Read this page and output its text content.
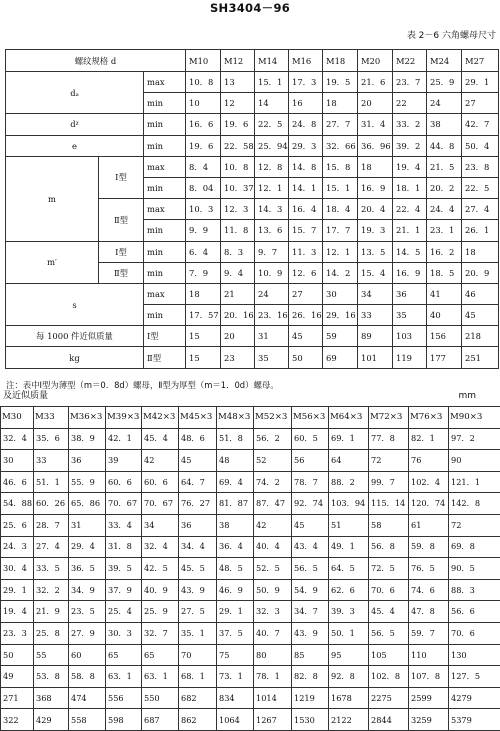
SH3404－96
表 2－6 六角螺母尺寸
螺纹规格 d			M10	M12	M14	M16	M18	M20	M22	M24	M27
dₐ		max	10．8	13	15．1	17．3	19．5	21．6	23．7	25．9	29．1
		min	10	12	14	16	18	20	22	24	27
dᵡ		min	16．6	19．6	22．5	24．8	27．7	31．4	33．2	38	42．7
e		min	19．6	22．58	25．94	29．3	32．66	36．96	39．2	44．8	50．4
m	Ⅰ型	max	8．4	10．8	12．8	14．8	15．8	18	19．4	21．5	23．8
		min	8．04	10．37	12．1	14．1	15．1	16．9	18．1	20．2	22．5
	Ⅱ型	max	10．3	12．3	14．3	16．4	18．4	20．4	22．4	24．4	27．4
		min	9．9	11．8	13．6	15．7	17．7	19．3	21．1	23．1	26．1
m′	Ⅰ型	min	6．4	8．3	9．7	11．3	12．1	13．5	14．5	16．2	18
	Ⅱ型	min	7．9	9．4	10．9	12．6	14．2	15．4	16．9	18．5	20．9
s		max	18	21	24	27	30	34	36	41	46
		min	17．57	20．16	23．16	26．16	29．16	33	35	40	45
每 1000 件近似质量		Ⅰ型	15	20	31	45	59	89	103	156	218
kg		Ⅱ型	15	23	35	50	69	101	119	177	251
注：表中Ⅰ型为薄型（m＝0．8d）螺母，Ⅱ型为厚型（m＝1．0d）螺母。
及近似质量	mm
M30	M33	M36×3	M39×3	M42×3	M45×3	M48×3	M52×3	M56×3	M64×3	M72×3	M76×3	M90×3
32．4	35．6	38．9	42．1	45．4	48．6	51．8	56．2	60．5	69．1	77．8	82．1	97．2
30	33	36	39	42	45	48	52	56	64	72	76	90
46．6	51．1	55．9	60．6	60．6	64．7	69．4	74．2	78．7	88．2	99．7	102．4	121．1
54．88	60．26	65．86	70．67	70．67	76．27	81．87	87．47	92．74	103．94	115．14	120．74	142．8
25．6	28．7	31	33．4	34	36	38	42	45	51	58	61	72
24．3	27．4	29．4	31．8	32．4	34．4	36．4	40．4	43．4	49．1	56．8	59．8	69．8
30．4	33．5	36．5	39．5	42．5	45．5	48．5	52．5	56．5	64．5	72．5	76．5	90．5
29．1	32．2	34．9	37．9	40．9	43．9	46．9	50．9	54．9	62．6	70．6	74．6	88．3
19．4	21．9	23．5	25．4	25．9	27．5	29．1	32．3	34．7	39．3	45．4	47．8	56．6
23．3	25．8	27．9	30．3	32．7	35．1	37．5	40．7	43．9	50．1	56．5	59．7	70．6
50	55	60	65	65	70	75	80	85	95	105	110	130
49	53．8	58．8	63．1	63．1	68．1	73．1	78．1	82．8	92．8	102．8	107．8	127．5
271	368	474	556	550	682	834	1014	1219	1678	2275	2599	4279
322	429	558	598	687	862	1064	1267	1530	2122	2844	3259	5379
